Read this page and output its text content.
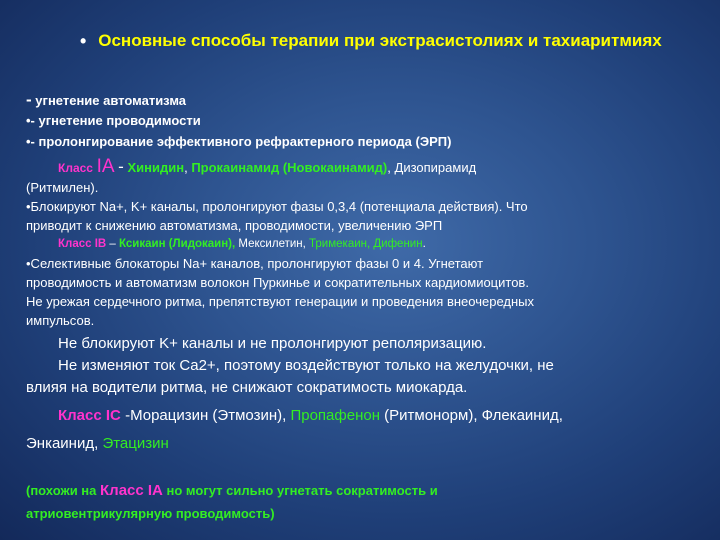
• Основные способы терапии при экстрасистолиях и тахиаритмиях
- угнетение автоматизма
•- угнетение проводимости
•- пролонгирование эффективного рефрактерного периода (ЭРП)
Класс IA - Хинидин, Прокаинамид (Новокаинамид), Дизопирамид
(Ритмилен).
•Блокируют Na+, K+ каналы, пролонгируют фазы 0,3,4 (потенциала действия). Что
приводит к снижению автоматизма, проводимости, увеличению ЭРП
Класс IB – Ксикаин (Лидокаин), Мексилетин, Тримекаин, Дифенин.
•Селективные блокаторы Na+ каналов, пролонгируют фазы 0 и 4. Угнетают
проводимость и автоматизм волокон Пуркинье и сократительных кардиомиоцитов.
Не урежая сердечного ритма, препятствуют генерации и проведения внеочередных
импульсов.
Не блокируют K+ каналы и не пролонгируют реполяризацию.
Не изменяют ток Ca2+, поэтому воздействуют только на желудочки, не
влияя на водители ритма, не снижают сократимость миокарда.
Класс IC -Морацизин (Этмозин), Пропафенон (Ритмонорм), Флекаинид,
Энкаинид, Этацизин
(похожи на Класс IA но могут сильно угнетать сократимость и
атриовентрикулярную проводимость)
